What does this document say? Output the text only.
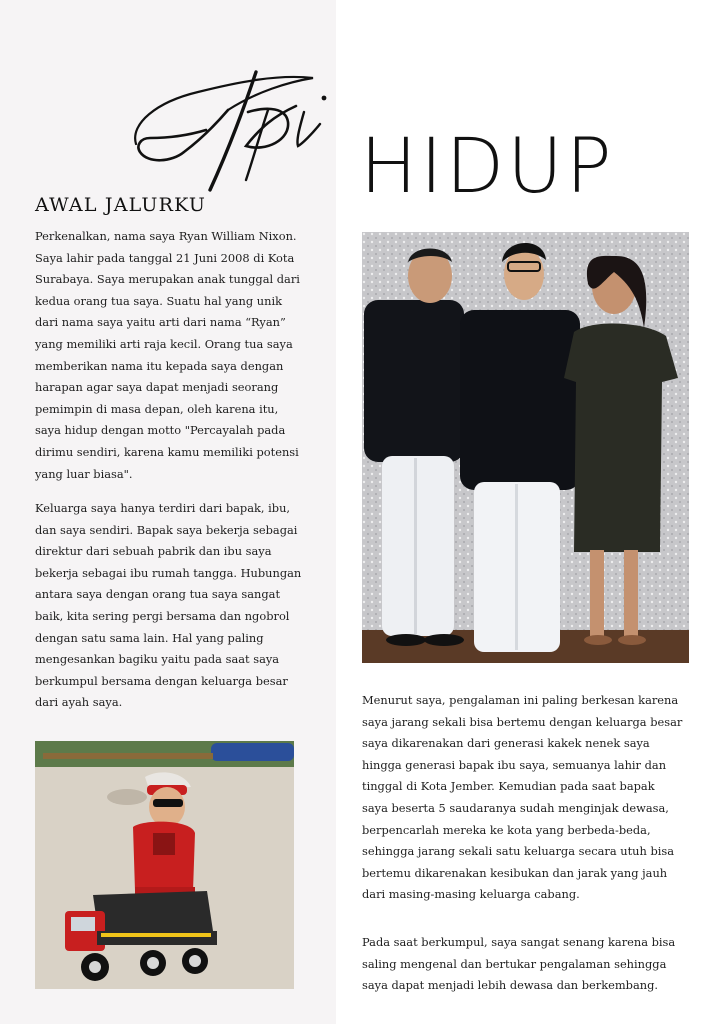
HIDUP
AWAL JALURKU

Perkenalkan, nama saya Ryan William Nixon.
Saya lahir pada tanggal 21 Juni 2008 di Kota
Surabaya. Saya merupakan anak tunggal dari
kedua orang tua saya. Suatu hal yang unik
dari nama saya yaitu arti dari nama “Ryan”
yang memiliki arti raja kecil. Orang tua saya
memberikan nama itu kepada saya dengan
harapan agar saya dapat menjadi seorang
pemimpin di masa depan, oleh karena itu,
saya hidup dengan motto "Percayalah pada
dirimu sendiri, karena kamu memiliki potensi
yang luar biasa".

Keluarga saya hanya terdiri dari bapak, ibu,
dan saya sendiri. Bapak saya bekerja sebagai
direktur dari sebuah pabrik dan ibu saya
bekerja sebagai ibu rumah tangga. Hubungan
antara saya dengan orang tua saya sangat
baik, kita sering pergi bersama dan ngobrol
dengan satu sama lain. Hal yang paling
mengesankan bagiku yaitu pada saat saya
berkumpul bersama dengan keluarga besar
dari ayah saya.	Menurut saya, pengalaman ini paling berkesan karena
saya jarang sekali bisa bertemu dengan keluarga besar
saya dikarenakan dari generasi kakek nenek saya
hingga generasi bapak ibu saya, semuanya lahir dan
tinggal di Kota Jember. Kemudian pada saat bapak
saya beserta 5 saudaranya sudah menginjak dewasa,
berpencarlah mereka ke kota yang berbeda-beda,
sehingga jarang sekali satu keluarga secara utuh bisa
bertemu dikarenakan kesibukan dan jarak yang jauh
dari masing-masing keluarga cabang.

Pada saat berkumpul, saya sangat senang karena bisa
saling mengenal dan bertukar pengalaman sehingga
saya dapat menjadi lebih dewasa dan berkembang.
